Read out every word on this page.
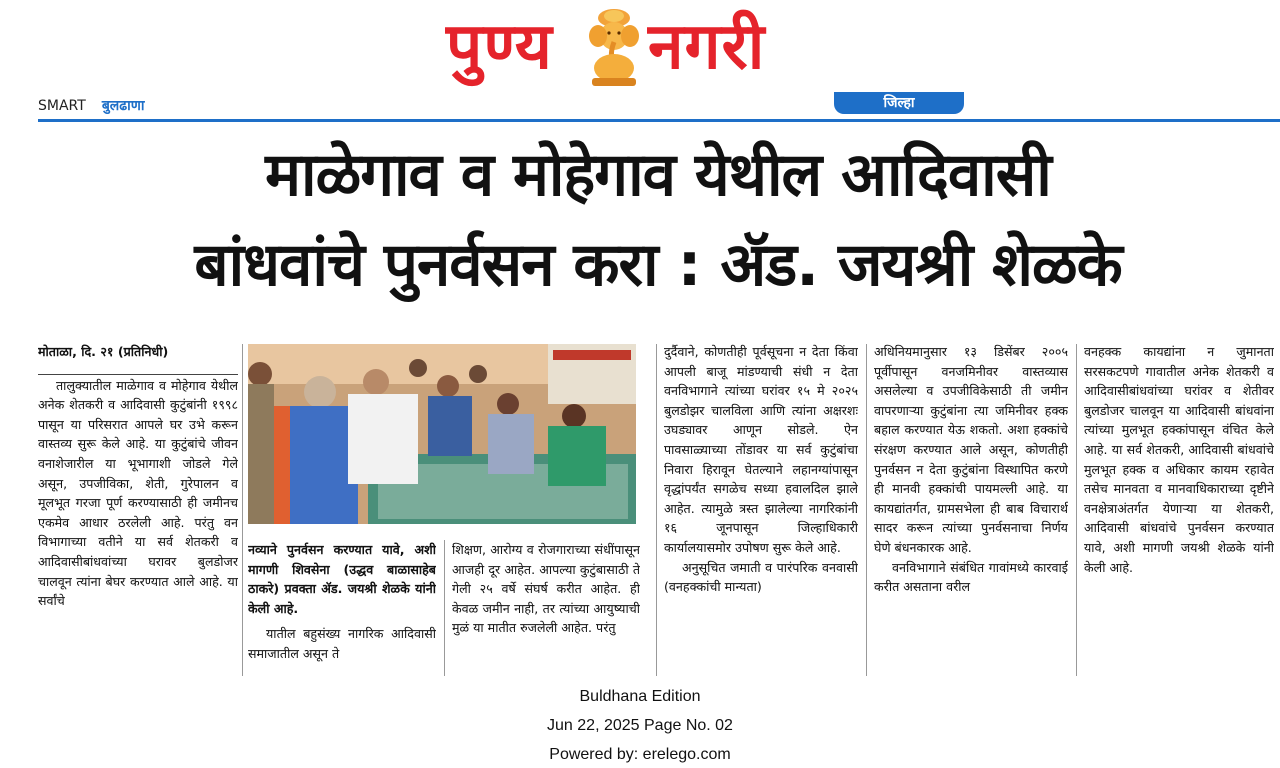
पुण्य नगरी
SMART बुलढाणा	जिल्हा
माळेगाव व मोहेगाव येथील आदिवासी
बांधवांचे पुनर्वसन करा : ॲड. जयश्री शेळके

मोताळा, दि. २१ (प्रतिनिधी)

तालुक्यातील माळेगाव व मोहेगाव येथील अनेक शेतकरी व आदिवासी कुटुंबांनी १९९८ पासून या परिसरात आपले घर उभे करून वास्तव्य सुरू केले आहे. या कुटुंबांचे जीवन वनाशेजारील या भूभागाशी जोडले गेले असून, उपजीविका, शेती, गुरेपालन व मूलभूत गरजा पूर्ण करण्यासाठी ही जमीनच एकमेव आधार ठरलेली आहे. परंतु वन विभागाच्या वतीने या सर्व शेतकरी व आदिवासीबांधवांच्या घरावर बुलडोजर चालवून त्यांना बेघर करण्यात आले आहे. या सर्वांचे

नव्याने पुनर्वसन करण्यात यावे, अशी मागणी शिवसेना (उद्धव बाळासाहेब ठाकरे) प्रवक्ता ॲड. जयश्री शेळके यांनी केली आहे.

यातील बहुसंख्य नागरिक आदिवासी समाजातील असून ते

शिक्षण, आरोग्य व रोजगाराच्या संधींपासून आजही दूर आहेत. आपल्या कुटुंबासाठी ते गेली २५ वर्षे संघर्ष करीत आहेत. ही केवळ जमीन नाही, तर त्यांच्या आयुष्याची मुळं या मातीत रुजलेली आहेत. परंतु

दुर्दैवाने, कोणतीही पूर्वसूचना न देता किंवा आपली बाजू मांडण्याची संधी न देता वनविभागाने त्यांच्या घरांवर १५ मे २०२५ बुलडोझर चालविला आणि त्यांना अक्षरशः उघड्यावर आणून सोडले. ऐन पावसाळ्याच्या तोंडावर या सर्व कुटुंबांचा निवारा हिरावून घेतल्याने लहानग्यांपासून वृद्धांपर्यंत सगळेच सध्या हवालदिल झाले आहेत. त्यामुळे त्रस्त झालेल्या नागरिकांनी १६ जूनपासून जिल्हाधिकारी कार्यालयासमोर उपोषण सुरू केले आहे.

अनुसूचित जमाती व पारंपरिक वनवासी (वनहक्कांची मान्यता)

अधिनियमानुसार १३ डिसेंबर २००५ पूर्वीपासून वनजमिनीवर वास्तव्यास असलेल्या व उपजीविकेसाठी ती जमीन वापरणाऱ्या कुटुंबांना त्या जमिनीवर हक्क बहाल करण्यात येऊ शकतो. अशा हक्कांचे संरक्षण करण्यात आले असून, कोणतीही पुनर्वसन न देता कुटुंबांना विस्थापित करणे ही मानवी हक्कांची पायमल्ली आहे. या कायद्यांतर्गत, ग्रामसभेला ही बाब विचारार्थ सादर करून त्यांच्या पुनर्वसनाचा निर्णय घेणे बंधनकारक आहे.

वनविभागाने संबंधित गावांमध्ये कारवाई करीत असताना वरील

वनहक्क कायद्यांना न जुमानता सरसकटपणे गावातील अनेक शेतकरी व आदिवासीबांधवांच्या घरांवर व शेतीवर बुलडोजर चालवून या आदिवासी बांधवांना त्यांच्या मुलभूत हक्कांपासून वंचित केले आहे. या सर्व शेतकरी, आदिवासी बांधवांचे मुलभूत हक्क व अधिकार कायम रहावेत तसेच मानवता व मानवाधिकाराच्या दृष्टीने वनक्षेत्राअंतर्गत येणाऱ्या या शेतकरी, आदिवासी बांधवांचे पुनर्वसन करण्यात यावे, अशी मागणी जयश्री शेळके यांनी केली आहे.

Buldhana Edition
Jun 22, 2025 Page No. 02
Powered by: erelego.com
